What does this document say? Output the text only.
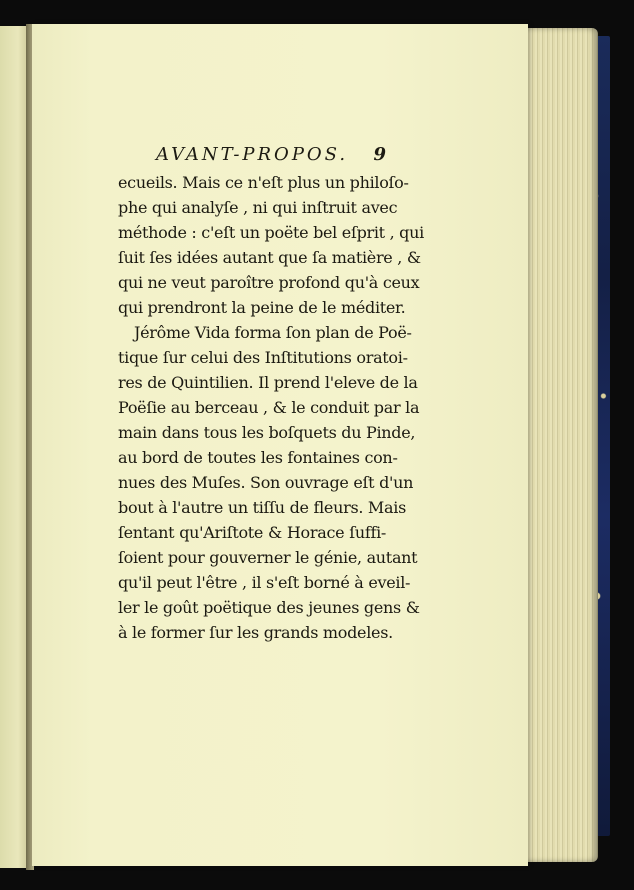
AVANT-PROPOS. 9
ecueils. Mais ce n'eſt plus un philoſo-
phe qui analyſe , ni qui inſtruit avec
méthode : c'eſt un poëte bel eſprit , qui
ſuit ſes idées autant que ſa matière , &
qui ne veut paroître profond qu'à ceux
qui prendront la peine de le méditer.
Jérôme Vida forma ſon plan de Poë-
tique ſur celui des Inſtitutions oratoi-
res de Quintilien. Il prend l'eleve de la
Poëſie au berceau , & le conduit par la
main dans tous les boſquets du Pinde,
au bord de toutes les fontaines con-
nues des Muſes. Son ouvrage eſt d'un
bout à l'autre un tiſſu de fleurs. Mais
ſentant qu'Ariſtote & Horace ſuffi-
ſoient pour gouverner le génie, autant
qu'il peut l'être , il s'eſt borné à eveil-
ler le goût poëtique des jeunes gens &
à le former ſur les grands modeles.
